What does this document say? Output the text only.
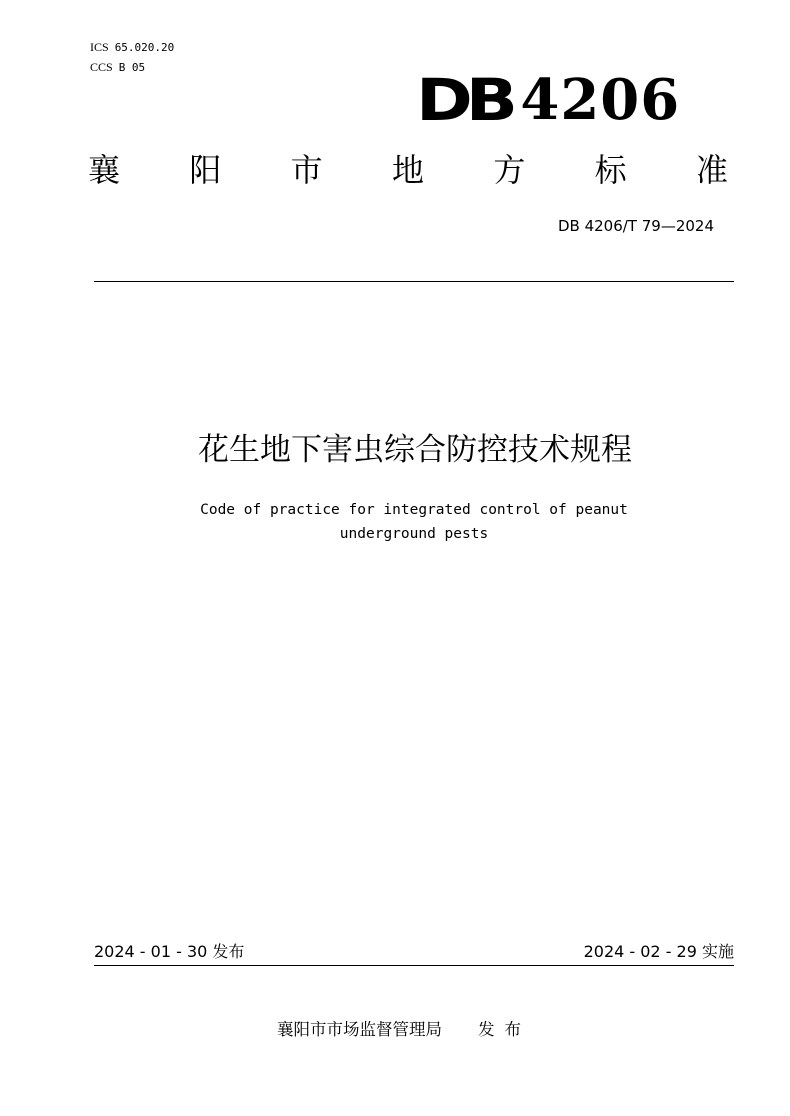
ICS 65.020.20
CCS B 05	DB 4206
襄 阳 市 地 方 标 准
DB 4206/T 79—2024
花生地下害虫综合防控技术规程
Code of practice for integrated control of peanut
underground pests
2024 - 01 - 30 发布	2024 - 02 - 29 实施
襄阳市市场监督管理局 发布
